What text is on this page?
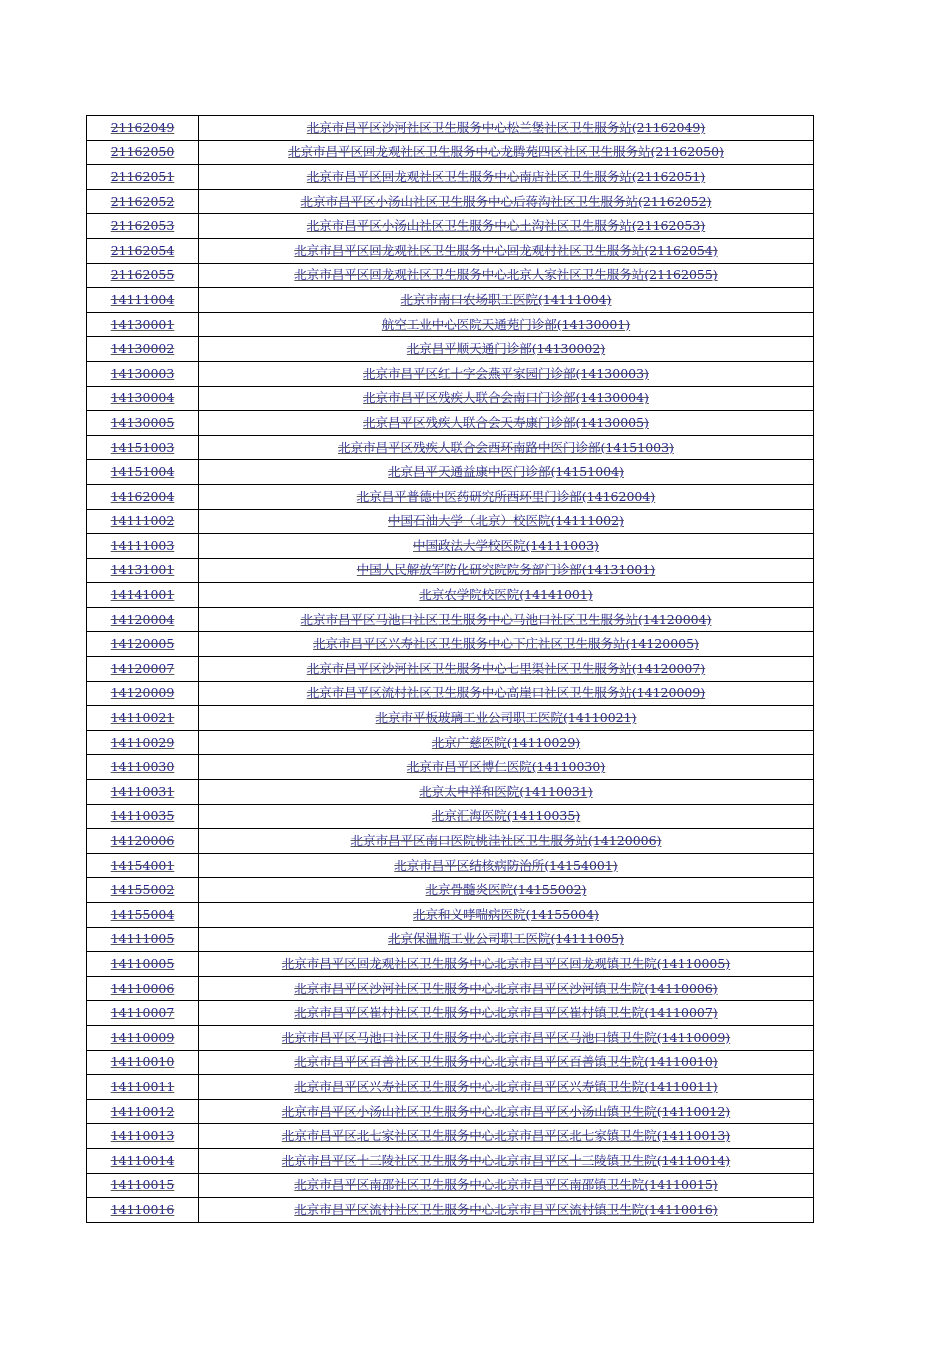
21162049	北京市昌平区沙河社区卫生服务中心松兰堡社区卫生服务站(21162049)
21162050	北京市昌平区回龙观社区卫生服务中心龙腾苑四区社区卫生服务站(21162050)
21162051	北京市昌平区回龙观社区卫生服务中心南店社区卫生服务站(21162051)
21162052	北京市昌平区小汤山社区卫生服务中心后蒋沟社区卫生服务站(21162052)
21162053	北京市昌平区小汤山社区卫生服务中心土沟社区卫生服务站(21162053)
21162054	北京市昌平区回龙观社区卫生服务中心回龙观村社区卫生服务站(21162054)
21162055	北京市昌平区回龙观社区卫生服务中心北京人家社区卫生服务站(21162055)
14111004	北京市南口农场职工医院(14111004)
14130001	航空工业中心医院天通苑门诊部(14130001)
14130002	北京昌平顺天通门诊部(14130002)
14130003	北京市昌平区红十字会燕平家园门诊部(14130003)
14130004	北京市昌平区残疾人联合会南口门诊部(14130004)
14130005	北京昌平区残疾人联合会天寿康门诊部(14130005)
14151003	北京市昌平区残疾人联合会西环南路中医门诊部(14151003)
14151004	北京昌平天通益康中医门诊部(14151004)
14162004	北京昌平普德中医药研究所西环里门诊部(14162004)
14111002	中国石油大学（北京）校医院(14111002)
14111003	中国政法大学校医院(14111003)
14131001	中国人民解放军防化研究院院务部门诊部(14131001)
14141001	北京农学院校医院(14141001)
14120004	北京市昌平区马池口社区卫生服务中心马池口社区卫生服务站(14120004)
14120005	北京市昌平区兴寿社区卫生服务中心下庄社区卫生服务站(14120005)
14120007	北京市昌平区沙河社区卫生服务中心七里渠社区卫生服务站(14120007)
14120009	北京市昌平区流村社区卫生服务中心高崖口社区卫生服务站(14120009)
14110021	北京市平板玻璃工业公司职工医院(14110021)
14110029	北京广慈医院(14110029)
14110030	北京市昌平区博仁医院(14110030)
14110031	北京太申祥和医院(14110031)
14110035	北京汇海医院(14110035)
14120006	北京市昌平区南口医院桃洼社区卫生服务站(14120006)
14154001	北京市昌平区结核病防治所(14154001)
14155002	北京骨髓炎医院(14155002)
14155004	北京和义哮喘病医院(14155004)
14111005	北京保温瓶工业公司职工医院(14111005)
14110005	北京市昌平区回龙观社区卫生服务中心北京市昌平区回龙观镇卫生院(14110005)
14110006	北京市昌平区沙河社区卫生服务中心北京市昌平区沙河镇卫生院(14110006)
14110007	北京市昌平区崔村社区卫生服务中心北京市昌平区崔村镇卫生院(14110007)
14110009	北京市昌平区马池口社区卫生服务中心北京市昌平区马池口镇卫生院(14110009)
14110010	北京市昌平区百善社区卫生服务中心北京市昌平区百善镇卫生院(14110010)
14110011	北京市昌平区兴寿社区卫生服务中心北京市昌平区兴寿镇卫生院(14110011)
14110012	北京市昌平区小汤山社区卫生服务中心北京市昌平区小汤山镇卫生院(14110012)
14110013	北京市昌平区北七家社区卫生服务中心北京市昌平区北七家镇卫生院(14110013)
14110014	北京市昌平区十三陵社区卫生服务中心北京市昌平区十三陵镇卫生院(14110014)
14110015	北京市昌平区南邵社区卫生服务中心北京市昌平区南邵镇卫生院(14110015)
14110016	北京市昌平区流村社区卫生服务中心北京市昌平区流村镇卫生院(14110016)
